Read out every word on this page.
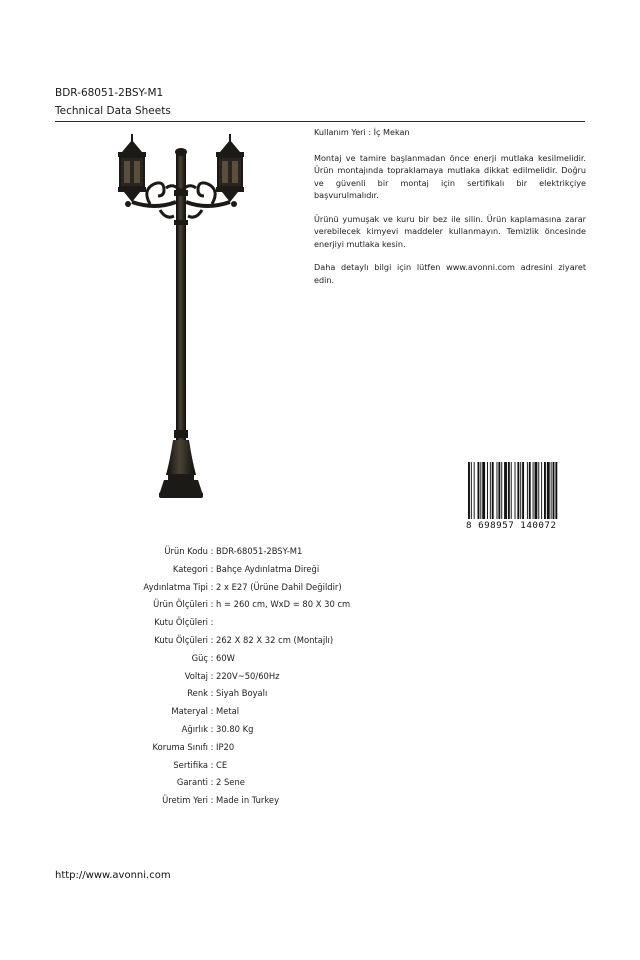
BDR-68051-2BSY-M1
Technical Data Sheets

Kullanım Yeri : İç Mekan

Montaj ve tamire başlanmadan önce enerji mutlaka kesilmelidir. Ürün montajında topraklamaya mutlaka dikkat edilmelidir. Doğru ve güvenli bir montaj için sertifikalı bir elektrikçiye başvurulmalıdır.

Ürünü yumuşak ve kuru bir bez ile silin. Ürün kaplamasına zarar verebilecek kimyevi maddeler kullanmayın. Temizlik öncesinde enerjiyi mutlaka kesin.

Daha detaylı bilgi için lütfen www.avonni.com adresini ziyaret edin.

8 698957 140072
Ürün Kodu : BDR-68051-2BSY-M1
Kategori : Bahçe Aydınlatma Direği
Aydınlatma Tipi : 2 x E27 (Ürüne Dahil Değildir)
Ürün Ölçüleri : h = 260 cm, WxD = 80 X 30 cm
Kutu Ölçüleri :
Kutu Ölçüleri : 262 X 82 X 32 cm (Montajlı)
Güç : 60W
Voltaj : 220V~50/60Hz
Renk : Siyah Boyalı
Materyal : Metal
Ağırlık : 30.80 Kg
Koruma Sınıfı : IP20
Sertifika : CE
Garanti : 2 Sene
Üretim Yeri : Made in Turkey
http://www.avonni.com
